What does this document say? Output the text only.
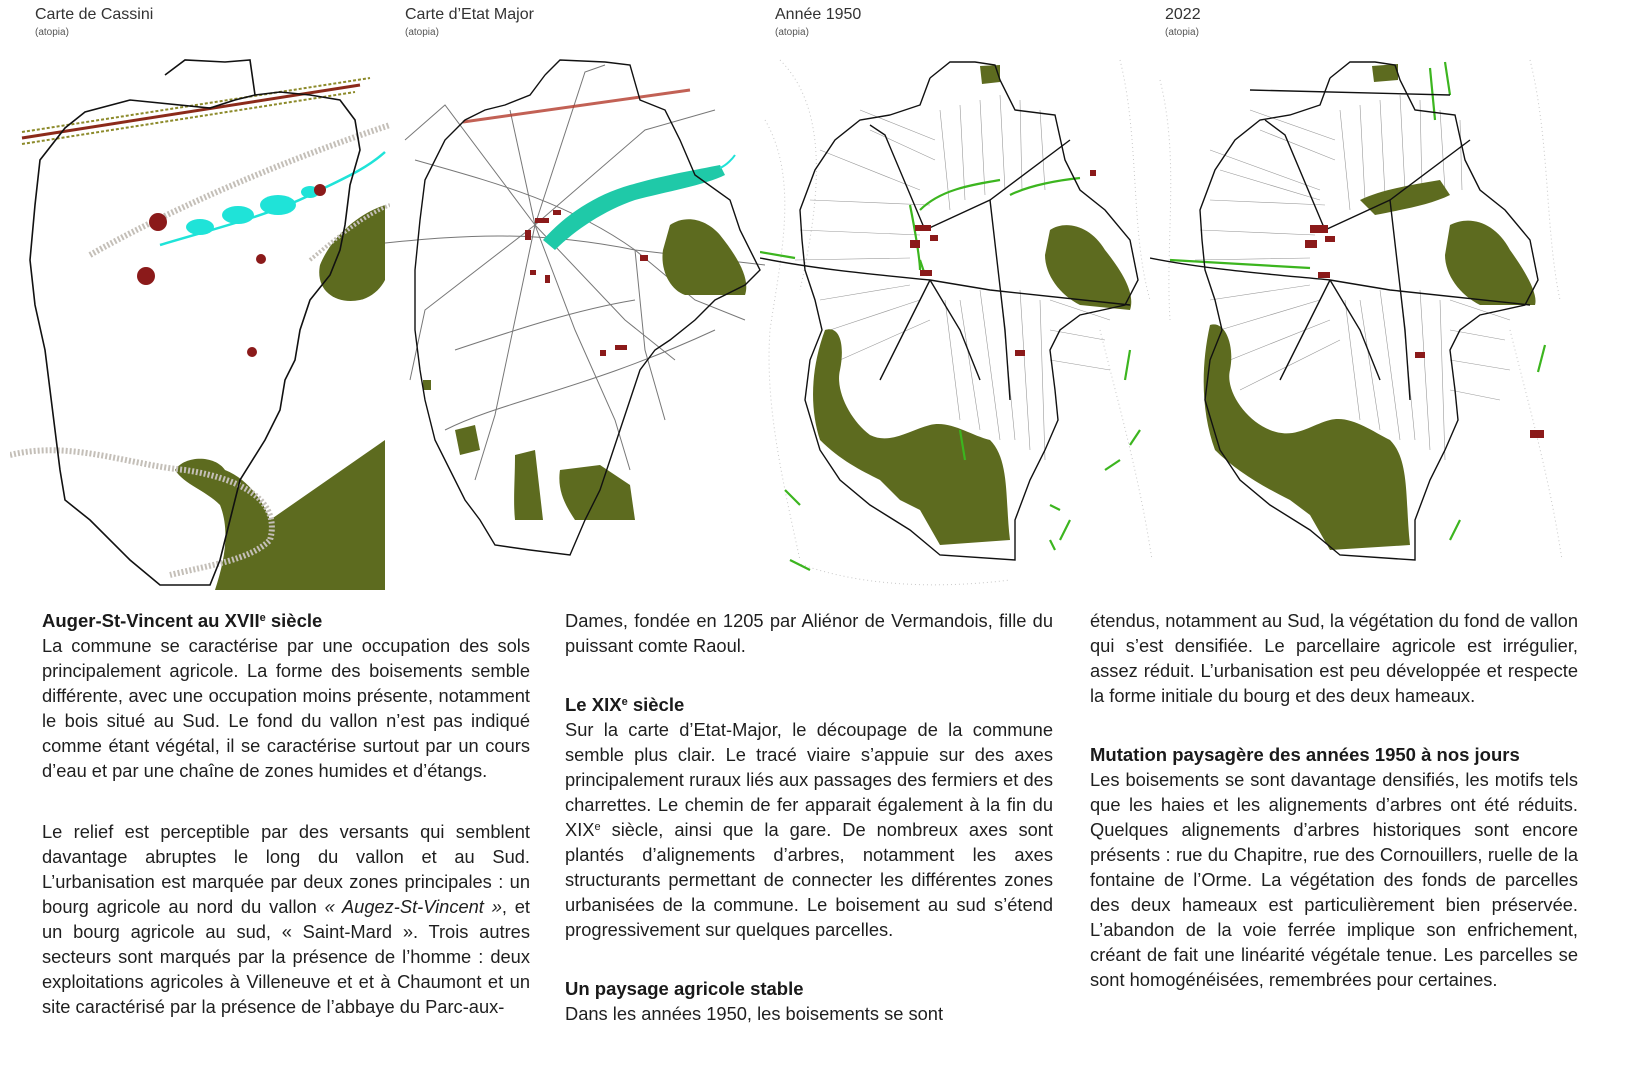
Carte de Cassini
(atopia)
Carte d’Etat Major
(atopia)
Année 1950
(atopia)
2022
(atopia)
Auger-St-Vincent au XVIIe siècle

La commune se caractérise par une occupation des sols principalement agricole. La forme des boisements semble différente, avec une occupation moins présente, notamment le bois situé au Sud. Le fond du vallon n’est pas indiqué comme étant végétal, il se caractérise surtout par un cours d’eau et par une chaîne de zones humides et d’étangs.

Le relief est perceptible par des versants qui semblent davantage abruptes le long du vallon et au Sud. L’urbanisation est marquée par deux zones principales : un bourg agricole au nord du vallon « Augez-St-Vincent », et un bourg agricole au sud, « Saint-Mard ». Trois autres secteurs sont marqués par la présence de l’homme : deux exploitations agricoles à Villeneuve et et à Chaumont et un site caractérisé par la présence de l’abbaye du Parc-aux-

Dames, fondée en 1205 par Aliénor de Vermandois, fille du puissant comte Raoul.

Le XIXe siècle

Sur la carte d’Etat-Major, le découpage de la commune semble plus clair. Le tracé viaire s’appuie sur des axes principalement ruraux liés aux passages des fermiers et des charrettes. Le chemin de fer apparait également à la fin du XIXe siècle, ainsi que la gare. De nombreux axes sont plantés d’alignements d’arbres, notamment les axes structurants permettant de connecter les différentes zones urbanisées de la commune. Le boisement au sud s’étend progressivement sur quelques parcelles.

Un paysage agricole stable

Dans les années 1950, les boisements se sont

étendus, notamment au Sud, la végétation du fond de vallon qui s’est densifiée. Le parcellaire agricole est irrégulier, assez réduit. L’urbanisation est peu développée et respecte la forme initiale du bourg et des deux hameaux.

Mutation paysagère des années 1950 à nos jours

Les boisements se sont davantage densifiés, les motifs tels que les haies et les alignements d’arbres ont été réduits. Quelques alignements d’arbres historiques sont encore présents : rue du Chapitre, rue des Cornouillers, ruelle de la fontaine de l’Orme. La végétation des fonds de parcelles des deux hameaux est particulièrement bien préservée. L’abandon de la voie ferrée implique son enfrichement, créant de fait une linéarité végétale tenue. Les parcelles se sont homogénéisées, remembrées pour certaines.
